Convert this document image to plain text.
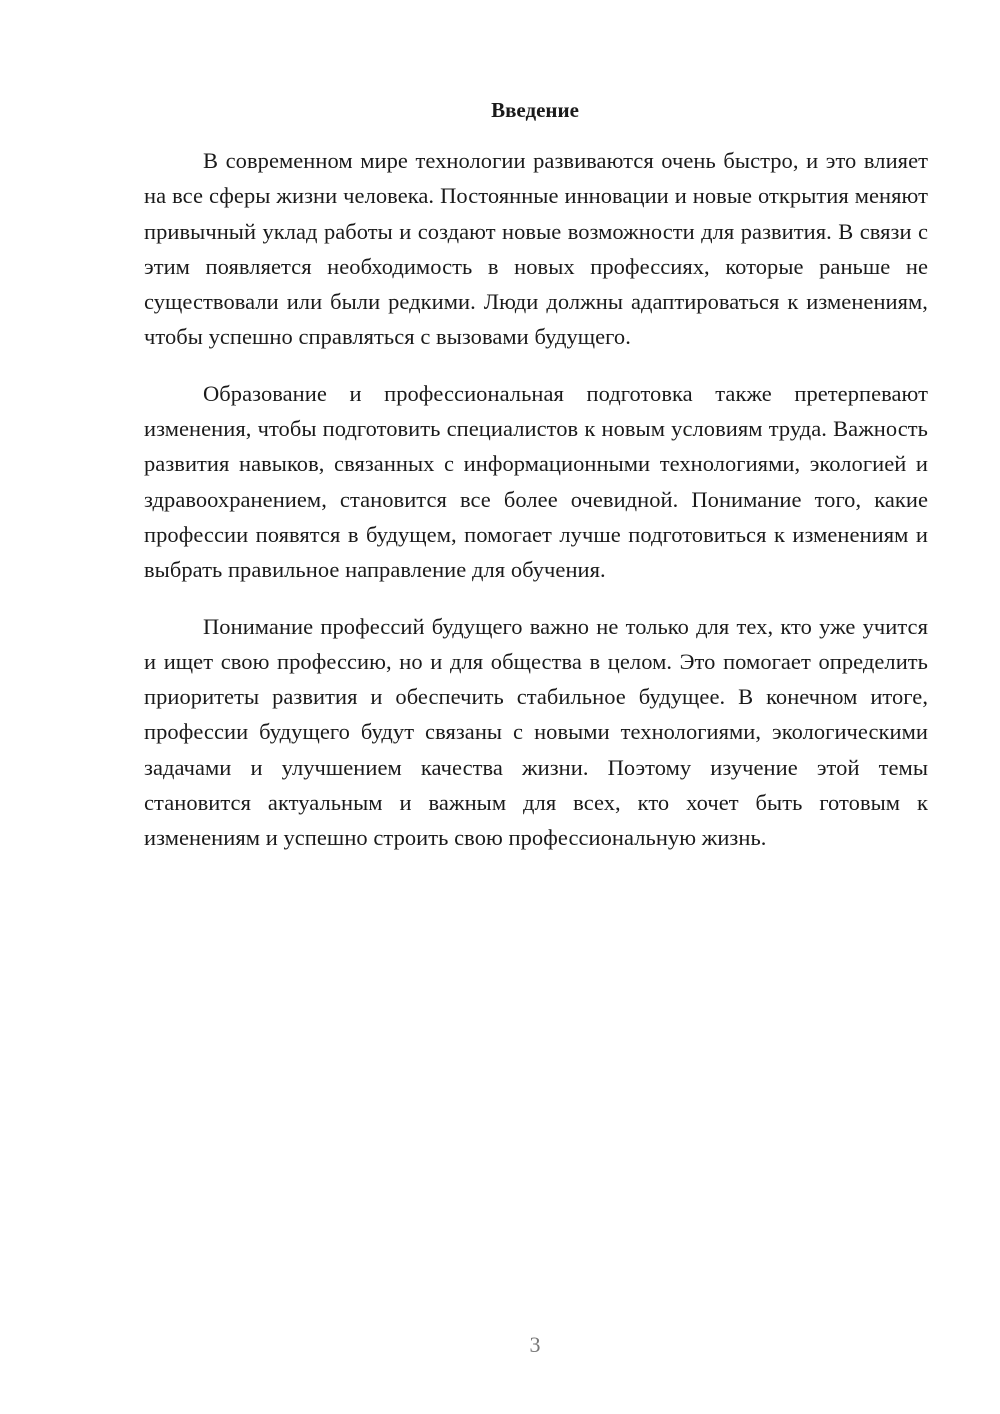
Введение

В современном мире технологии развиваются очень быстро, и это влияет на все сферы жизни человека. Постоянные инновации и новые открытия меняют привычный уклад работы и создают новые возможности для развития. В связи с этим появляется необходимость в новых профессиях, которые раньше не существовали или были редкими. Люди должны адаптироваться к изменениям, чтобы успешно справляться с вызовами будущего.

Образование и профессиональная подготовка также претерпевают изменения, чтобы подготовить специалистов к новым условиям труда. Важность развития навыков, связанных с информационными технологиями, экологией и здравоохранением, становится все более очевидной. Понимание того, какие профессии появятся в будущем, помогает лучше подготовиться к изменениям и выбрать правильное направление для обучения.

Понимание профессий будущего важно не только для тех, кто уже учится и ищет свою профессию, но и для общества в целом. Это помогает определить приоритеты развития и обеспечить стабильное будущее. В конечном итоге, профессии будущего будут связаны с новыми технологиями, экологическими задачами и улучшением качества жизни. Поэтому изучение этой темы становится актуальным и важным для всех, кто хочет быть готовым к изменениям и успешно строить свою профессиональную жизнь.

3
